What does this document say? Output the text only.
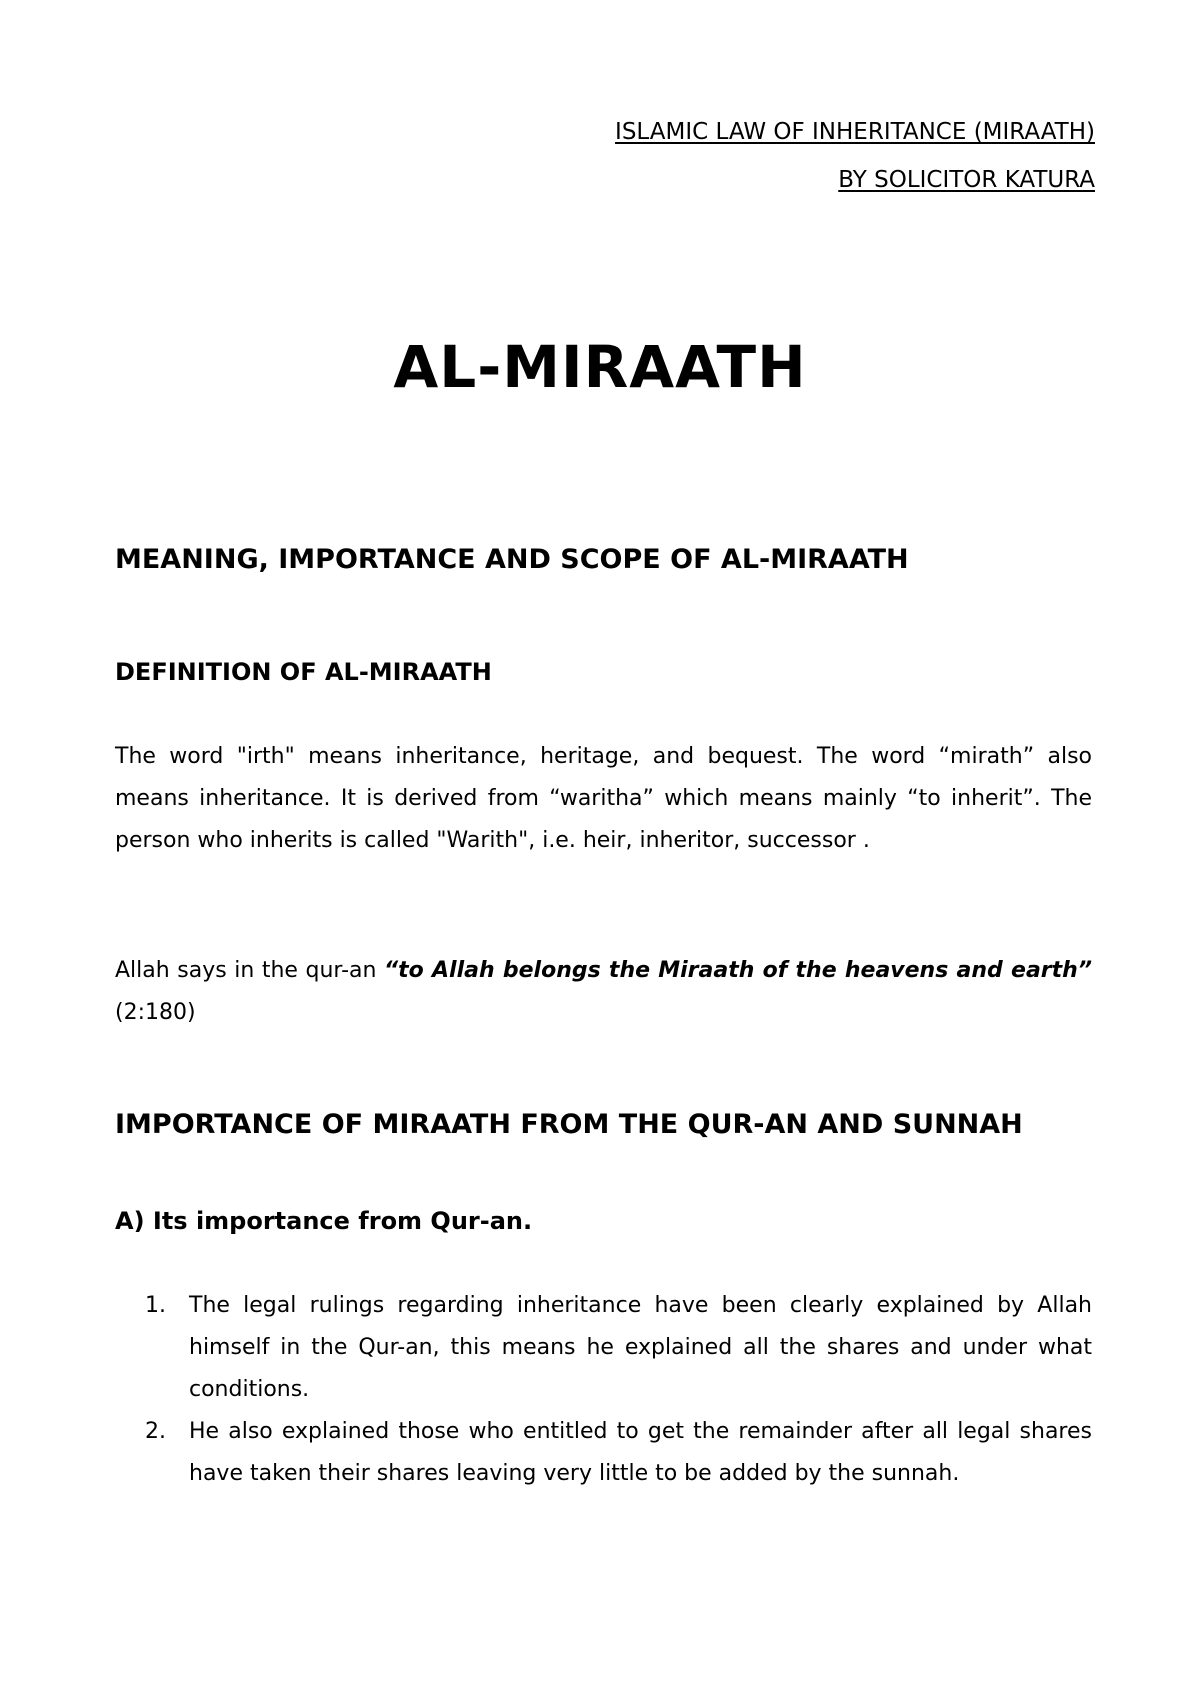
ISLAMIC LAW OF INHERITANCE (MIRAATH)
BY SOLICITOR KATURA
AL-MIRAATH
MEANING, IMPORTANCE AND SCOPE OF AL-MIRAATH
DEFINITION OF AL-MIRAATH

The word "irth" means inheritance, heritage, and bequest. The word “mirath” also means inheritance. It is derived from “waritha” which means mainly “to inherit”. The person who inherits is called "Warith", i.e. heir, inheritor, successor .

Allah says in the qur-an “to Allah belongs the Miraath of the heavens and earth” (2:180)

IMPORTANCE OF MIRAATH FROM THE QUR-AN AND SUNNAH
A) Its importance from Qur-an.
1. The legal rulings regarding inheritance have been clearly explained by Allah himself in the Qur-an, this means he explained all the shares and under what conditions.
2. He also explained those who entitled to get the remainder after all legal shares have taken their shares leaving very little to be added by the sunnah.
